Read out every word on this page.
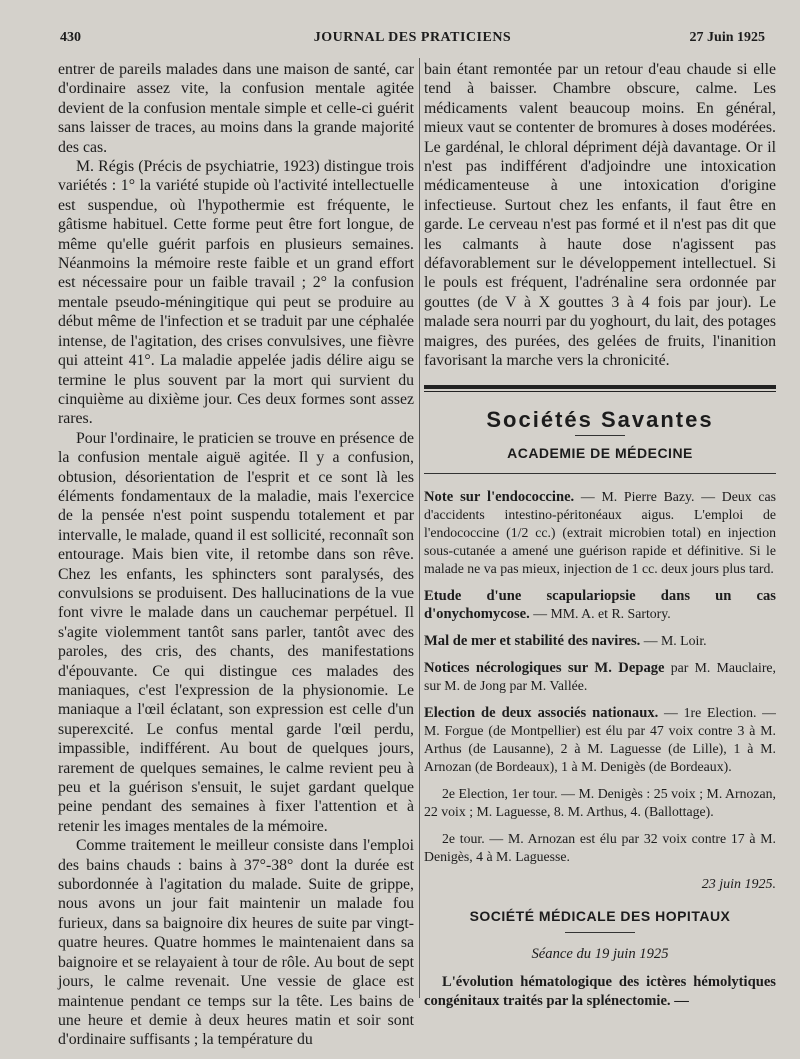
430	JOURNAL DES PRATICIENS	27 Juin 1925

entrer de pareils malades dans une maison de santé, car d'ordinaire assez vite, la confusion mentale agitée devient de la confusion mentale simple et celle-ci guérit sans laisser de traces, au moins dans la grande majorité des cas.

M. Régis (Précis de psychiatrie, 1923) distingue trois variétés : 1° la variété stupide où l'activité intellectuelle est suspendue, où l'hypothermie est fréquente, le gâtisme habituel. Cette forme peut être fort longue, de même qu'elle guérit parfois en plusieurs semaines. Néanmoins la mémoire reste faible et un grand effort est nécessaire pour un faible travail ; 2° la confusion mentale pseudo-méningitique qui peut se produire au début même de l'infection et se traduit par une céphalée intense, de l'agitation, des crises convulsives, une fièvre qui atteint 41°. La maladie appelée jadis délire aigu se termine le plus souvent par la mort qui survient du cinquième au dixième jour. Ces deux formes sont assez rares.

Pour l'ordinaire, le praticien se trouve en présence de la confusion mentale aiguë agitée. Il y a confusion, obtusion, désorientation de l'esprit et ce sont là les éléments fondamentaux de la maladie, mais l'exercice de la pensée n'est point suspendu totalement et par intervalle, le malade, quand il est sollicité, reconnaît son entourage. Mais bien vite, il retombe dans son rêve. Chez les enfants, les sphincters sont paralysés, des convulsions se produisent. Des hallucinations de la vue font vivre le malade dans un cauchemar perpétuel. Il s'agite violemment tantôt sans parler, tantôt avec des paroles, des cris, des chants, des manifestations d'épouvante. Ce qui distingue ces malades des maniaques, c'est l'expression de la physionomie. Le maniaque a l'œil éclatant, son expression est celle d'un superexcité. Le confus mental garde l'œil perdu, impassible, indifférent. Au bout de quelques jours, rarement de quelques semaines, le calme revient peu à peu et la guérison s'ensuit, le sujet gardant quelque peine pendant des semaines à fixer l'attention et à retenir les images mentales de la mémoire.

Comme traitement le meilleur consiste dans l'emploi des bains chauds : bains à 37°-38° dont la durée est subordonnée à l'agitation du malade. Suite de grippe, nous avons un jour fait maintenir un malade fou furieux, dans sa baignoire dix heures de suite par vingt-quatre heures. Quatre hommes le maintenaient dans sa baignoire et se relayaient à tour de rôle. Au bout de sept jours, le calme revenait. Une vessie de glace est maintenue pendant ce temps sur la tête. Les bains de une heure et demie à deux heures matin et soir sont d'ordinaire suffisants ; la température du

bain étant remontée par un retour d'eau chaude si elle tend à baisser. Chambre obscure, calme. Les médicaments valent beaucoup moins. En général, mieux vaut se contenter de bromures à doses modérées. Le gardénal, le chloral dépriment déjà davantage. Or il n'est pas indifférent d'adjoindre une intoxication médicamenteuse à une intoxication d'origine infectieuse. Surtout chez les enfants, il faut être en garde. Le cerveau n'est pas formé et il n'est pas dit que les calmants à haute dose n'agissent pas défavorablement sur le développement intellectuel. Si le pouls est fréquent, l'adrénaline sera ordonnée par gouttes (de V à X gouttes 3 à 4 fois par jour). Le malade sera nourri par du yoghourt, du lait, des potages maigres, des purées, des gelées de fruits, l'inanition favorisant la marche vers la chronicité.

Sociétés Savantes
ACADEMIE DE MÉDECINE
Note sur l'endococcine. — M. Pierre Bazy. — Deux cas d'accidents intestino-péritonéaux aigus. L'emploi de l'endococcine (1/2 cc.) (extrait microbien total) en injection sous-cutanée a amené une guérison rapide et définitive. Si le malade ne va pas mieux, injection de 1 cc. deux jours plus tard.
Etude d'une scapulariopsie dans un cas d'onychomycose. — MM. A. et R. Sartory.
Mal de mer et stabilité des navires. — M. Loir.
Notices nécrologiques sur M. Depage par M. Mauclaire, sur M. de Jong par M. Vallée.
Election de deux associés nationaux. — 1re Election. — M. Forgue (de Montpellier) est élu par 47 voix contre 3 à M. Arthus (de Lausanne), 2 à M. Laguesse (de Lille), 1 à M. Arnozan (de Bordeaux), 1 à M. Denigès (de Bordeaux).
2e Election, 1er tour. — M. Denigès : 25 voix ; M. Arnozan, 22 voix ; M. Laguesse, 8. M. Arthus, 4. (Ballottage).
2e tour. — M. Arnozan est élu par 32 voix contre 17 à M. Denigès, 4 à M. Laguesse.
23 juin 1925.
SOCIÉTÉ MÉDICALE DES HOPITAUX
Séance du 19 juin 1925

L'évolution hématologique des ictères hémolytiques congénitaux traités par la splénectomie. —
